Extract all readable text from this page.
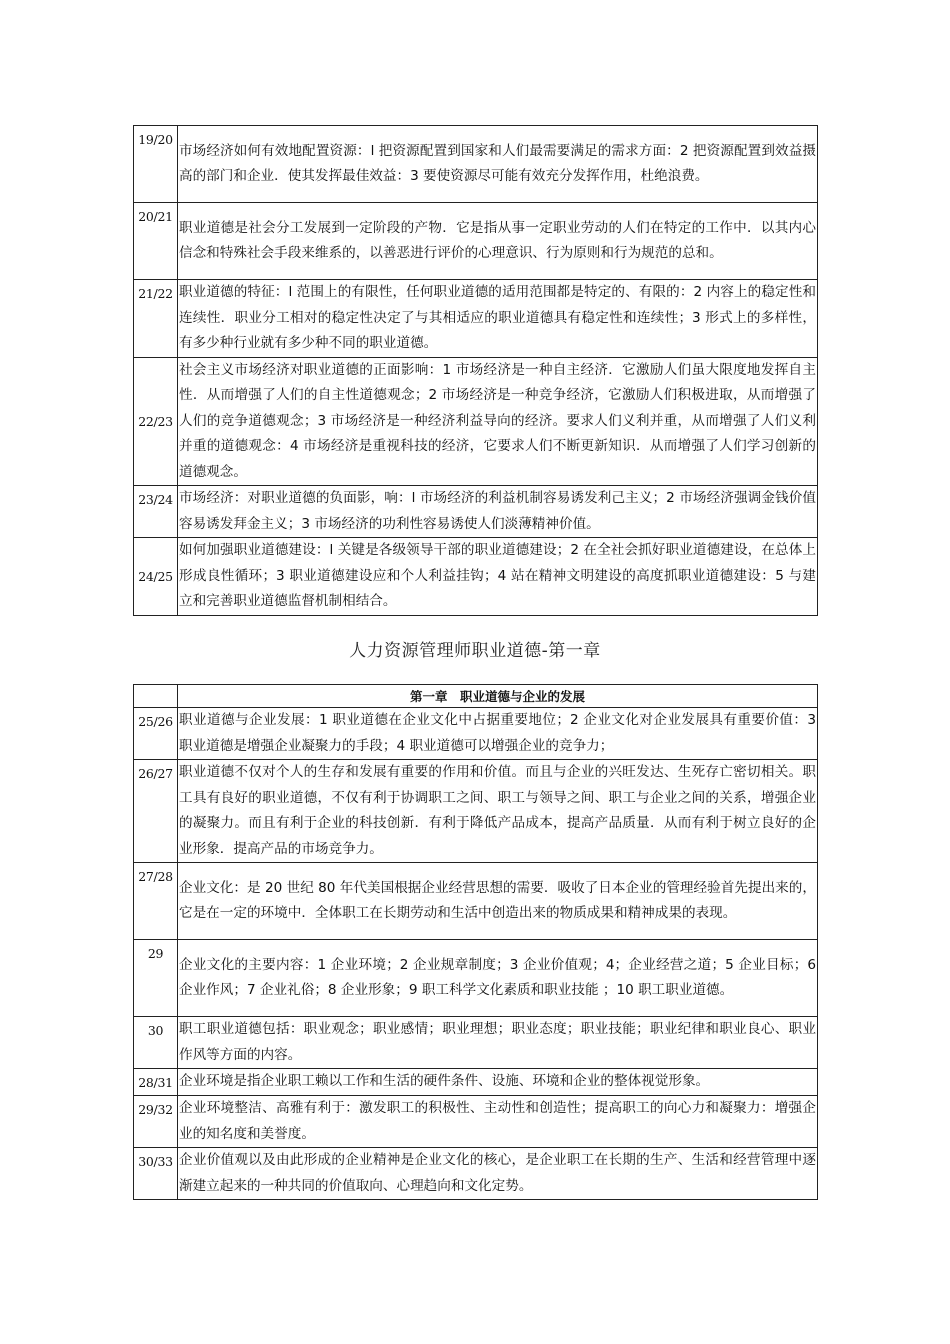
19/20	市场经济如何有效地配置资源：l 把资源配置到国家和人们最需要满足的需求方面：2 把资源配置到效益摄高的部门和企业．使其发挥最佳效益：3 要使资源尽可能有效充分发挥作用，杜绝浪费。
20/21	职业道德是社会分工发展到一定阶段的产物．它是指从事一定职业劳动的人们在特定的工作中．以其内心信念和特殊社会手段来维系的，以善恶进行评价的心理意识、行为原则和行为规范的总和。
21/22	职业道德的特征：l 范围上的有限性，任何职业道德的适用范围都是特定的、有限的：2 内容上的稳定性和连续性．职业分工相对的稳定性决定了与其相适应的职业道德具有稳定性和连续性；3 形式上的多样性，有多少种行业就有多少种不同的职业道德。
22/23	社会主义市场经济对职业道德的正面影响：1 市场经济是一种自主经济．它激励人们虽大限度地发挥自主性．从而增强了人们的自主性道德观念；2 市场经济是一种竞争经济，它激励人们积极进取，从而增强了人们的竞争道德观念；3 市场经济是一种经济利益导向的经济。要求人们义利并重，从而增强了人们义利并重的道德观念：4 市场经济是重视科技的经济，它要求人们不断更新知识．从而增强了人们学习创新的道德观念。
23/24	市场经济：对职业道德的负面影，响：l 市场经济的利益机制容易诱发利己主义；2 市场经济强调金钱价值容易诱发拜金主义；3 市场经济的功利性容易诱使人们淡薄精神价值。
24/25	如何加强职业道德建设：l 关键是各级领导干部的职业道德建设；2 在全社会抓好职业道德建设，在总体上形成良性循环；3 职业道德建设应和个人利益挂钩；4 站在精神文明建设的高度抓职业道德建设：5 与建立和完善职业道德监督机制相结合。
人力资源管理师职业道德-第一章
	第一章　职业道德与企业的发展
25/26	职业道德与企业发展：1 职业道德在企业文化中占据重要地位；2 企业文化对企业发展具有重要价值：3 职业道德是增强企业凝聚力的手段；4 职业道德可以增强企业的竞争力；
26/27	职业道德不仅对个人的生存和发展有重要的作用和价值。而且与企业的兴旺发达、生死存亡密切相关。职工具有良好的职业道德，不仅有利于协调职工之间、职工与领导之间、职工与企业之间的关系，增强企业的凝聚力。而且有利于企业的科技创新．有利于降低产品成本，提高产品质量．从而有利于树立良好的企业形象．提高产品的市场竞争力。
27/28	企业文化：是 20 世纪 80 年代美国根据企业经营思想的需要．吸收了日本企业的管理经验首先提出来的，它是在一定的环境中．全体职工在长期劳动和生活中创造出来的物质成果和精神成果的表现。
29	企业文化的主要内容：1 企业环境；2 企业规章制度；3 企业价值观；4；企业经营之道；5 企业目标；6 企业作风；7 企业礼俗；8 企业形象；9 职工科学文化素质和职业技能 ；10 职工职业道德。
30	职工职业道德包括：职业观念；职业感情；职业理想；职业态度；职业技能；职业纪律和职业良心、职业作风等方面的内容。
28/31	企业环境是指企业职工赖以工作和生活的硬件条件、设施、环境和企业的整体视觉形象。
29/32	企业环境整洁、高雅有利于：激发职工的积极性、主动性和创造性；提高职工的向心力和凝聚力：增强企业的知名度和美誉度。
30/33	企业价值观以及由此形成的企业精神是企业文化的核心，是企业职工在长期的生产、生活和经营管理中逐渐建立起来的一种共同的价值取向、心理趋向和文化定势。
